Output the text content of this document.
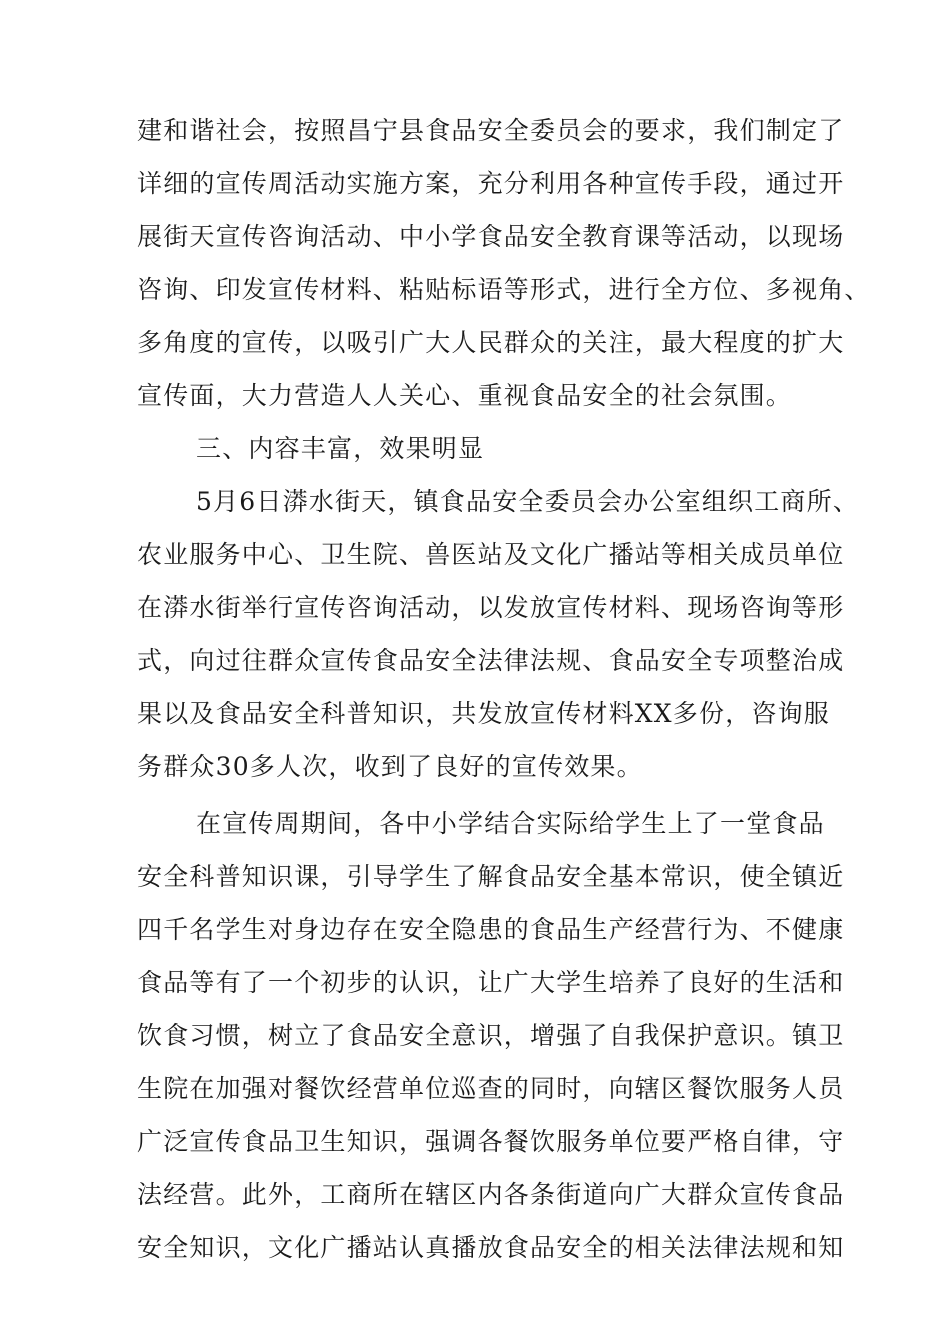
建和谐社会，按照昌宁县食品安全委员会的要求，我们制定了
详细的宣传周活动实施方案，充分利用各种宣传手段，通过开
展街天宣传咨询活动、中小学食品安全教育课等活动，以现场
咨询、印发宣传材料、粘贴标语等形式，进行全方位、多视角、
多角度的宣传，以吸引广大人民群众的关注，最大程度的扩大
宣传面，大力营造人人关心、重视食品安全的社会氛围。
三、内容丰富，效果明显
5月6日漭水街天，镇食品安全委员会办公室组织工商所、
农业服务中心、卫生院、兽医站及文化广播站等相关成员单位
在漭水街举行宣传咨询活动，以发放宣传材料、现场咨询等形
式，向过往群众宣传食品安全法律法规、食品安全专项整治成
果以及食品安全科普知识，共发放宣传材料XX多份，咨询服
务群众30多人次，收到了良好的宣传效果。
在宣传周期间，各中小学结合实际给学生上了一堂食品
安全科普知识课，引导学生了解食品安全基本常识，使全镇近
四千名学生对身边存在安全隐患的食品生产经营行为、不健康
食品等有了一个初步的认识，让广大学生培养了良好的生活和
饮食习惯，树立了食品安全意识，增强了自我保护意识。镇卫
生院在加强对餐饮经营单位巡查的同时，向辖区餐饮服务人员
广泛宣传食品卫生知识，强调各餐饮服务单位要严格自律，守
法经营。此外，工商所在辖区内各条街道向广大群众宣传食品
安全知识，文化广播站认真播放食品安全的相关法律法规和知
